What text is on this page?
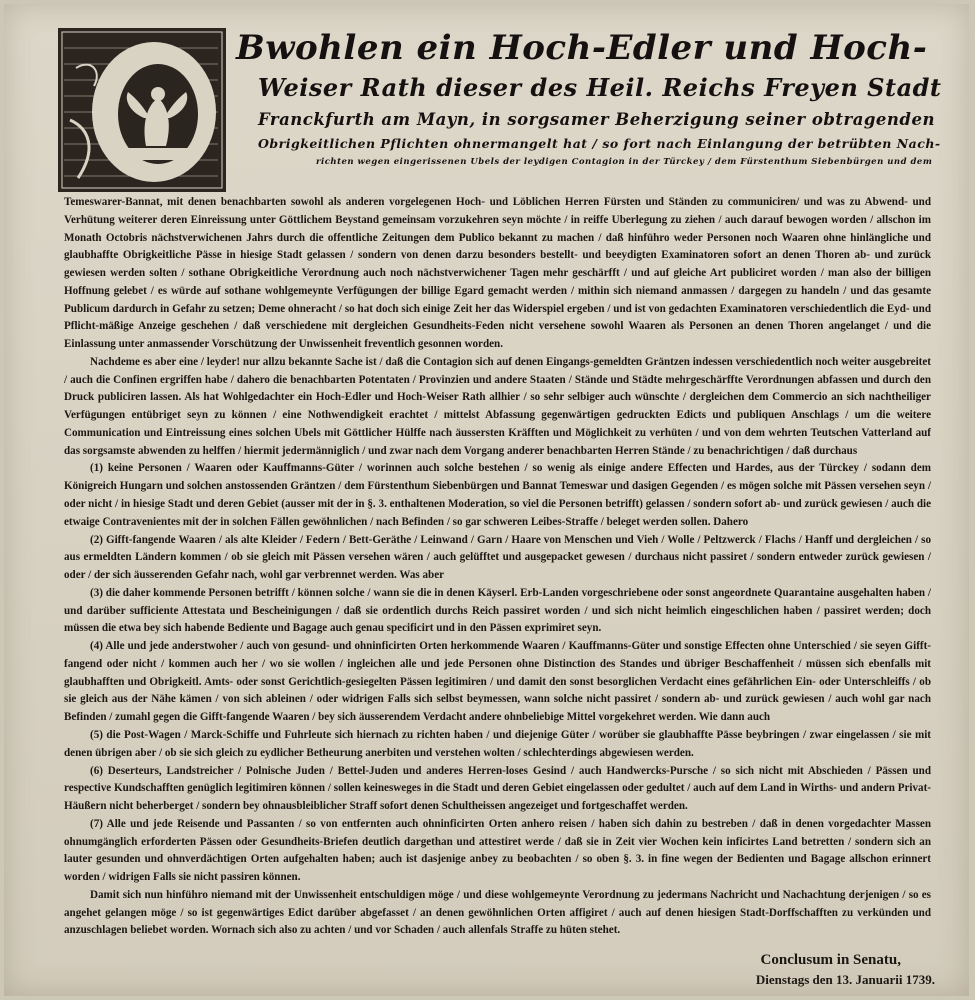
Bwohlen ein Hoch-Edler und Hoch-
Weiser Rath dieser des Heil. Reichs Freyen Stadt
Franckfurth am Mayn, in sorgsamer Beherzigung seiner obtragenden
Obrigkeitlichen Pflichten ohnermangelt hat / so fort nach Einlangung der betrübten Nach-
richten wegen eingerissenen Ubels der leydigen Contagion in der Türckey / dem Fürstenthum Siebenbürgen und dem

Temeswarer-Bannat, mit denen benachbarten sowohl als anderen vorgelegenen Hoch- und Löblichen Herren Fürsten und Ständen zu communiciren/ und was zu Abwend- und Verhütung weiterer deren Einreissung unter Göttlichem Beystand gemeinsam vorzukehren seyn möchte / in reiffe Uberlegung zu ziehen / auch darauf bewogen worden / allschon im Monath Octobris nächstverwichenen Jahrs durch die offentliche Zeitungen dem Publico bekannt zu machen / daß hinführo weder Personen noch Waaren ohne hinlängliche und glaubhaffte Obrigkeitliche Pässe in hiesige Stadt gelassen / sondern von denen darzu besonders bestellt- und beeydigten Examinatoren sofort an denen Thoren ab- und zurück gewiesen werden solten / sothane Obrigkeitliche Verordnung auch noch nächstverwichener Tagen mehr geschärfft / und auf gleiche Art publiciret worden / man also der billigen Hoffnung gelebet / es würde auf sothane wohlgemeynte Verfügungen der billige Egard gemacht werden / mithin sich niemand anmassen / dargegen zu handeln / und das gesamte Publicum dardurch in Gefahr zu setzen; Deme ohneracht / so hat doch sich einige Zeit her das Widerspiel ergeben / und ist von gedachten Examinatoren verschiedentlich die Eyd- und Pflicht-mäßige Anzeige geschehen / daß verschiedene mit dergleichen Gesundheits-Feden nicht versehene sowohl Waaren als Personen an denen Thoren angelanget / und die Einlassung unter anmassender Vorschützung der Unwissenheit freventlich gesonnen worden.

Nachdeme es aber eine / leyder! nur allzu bekannte Sache ist / daß die Contagion sich auf denen Eingangs-gemeldten Gräntzen indessen verschiedentlich noch weiter ausgebreitet / auch die Confinen ergriffen habe / dahero die benachbarten Potentaten / Provinzien und andere Staaten / Stände und Städte mehrgeschärffte Verordnungen abfassen und durch den Druck publiciren lassen. Als hat Wohlgedachter ein Hoch-Edler und Hoch-Weiser Rath allhier / so sehr selbiger auch wünschte / dergleichen dem Commercio an sich nachtheiliger Verfügungen entübriget seyn zu können / eine Nothwendigkeit erachtet / mittelst Abfassung gegenwärtigen gedruckten Edicts und publiquen Anschlags / um die weitere Communication und Eintreissung eines solchen Ubels mit Göttlicher Hülffe nach äussersten Kräfften und Möglichkeit zu verhüten / und von dem wehrten Teutschen Vatterland auf das sorgsamste abwenden zu helffen / hiermit jedermänniglich / und zwar nach dem Vorgang anderer benachbarten Herren Stände / zu benachrichtigen / daß durchaus

(1) keine Personen / Waaren oder Kauffmanns-Güter / worinnen auch solche bestehen / so wenig als einige andere Effecten und Hardes, aus der Türckey / sodann dem Königreich Hungarn und solchen anstossenden Gräntzen / dem Fürstenthum Siebenbürgen und Bannat Temeswar und dasigen Gegenden / es mögen solche mit Pässen versehen seyn / oder nicht / in hiesige Stadt und deren Gebiet (ausser mit der in §. 3. enthaltenen Moderation, so viel die Personen betrifft) gelassen / sondern sofort ab- und zurück gewiesen / auch die etwaige Contravenientes mit der in solchen Fällen gewöhnlichen / nach Befinden / so gar schweren Leibes-Straffe / beleget werden sollen. Dahero

(2) Gifft-fangende Waaren / als alte Kleider / Federn / Bett-Geräthe / Leinwand / Garn / Haare von Menschen und Vieh / Wolle / Peltzwerck / Flachs / Hanff und dergleichen / so aus ermeldten Ländern kommen / ob sie gleich mit Pässen versehen wären / auch gelüfftet und ausgepacket gewesen / durchaus nicht passiret / sondern entweder zurück gewiesen / oder / der sich äusserenden Gefahr nach, wohl gar verbrennet werden. Was aber

(3) die daher kommende Personen betrifft / können solche / wann sie die in denen Käyserl. Erb-Landen vorgeschriebene oder sonst angeordnete Quarantaine ausgehalten haben / und darüber sufficiente Attestata und Bescheinigungen / daß sie ordentlich durchs Reich passiret worden / und sich nicht heimlich eingeschlichen haben / passiret werden; doch müssen die etwa bey sich habende Bediente und Bagage auch genau specificirt und in den Pässen exprimiret seyn.

(4) Alle und jede anderstwoher / auch von gesund- und ohninficirten Orten herkommende Waaren / Kauffmanns-Güter und sonstige Effecten ohne Unterschied / sie seyen Gifft-fangend oder nicht / kommen auch her / wo sie wollen / ingleichen alle und jede Personen ohne Distinction des Standes und übriger Beschaffenheit / müssen sich ebenfalls mit glaubhafften und Obrigkeitl. Amts- oder sonst Gerichtlich-gesiegelten Pässen legitimiren / und damit den sonst besorglichen Verdacht eines gefährlichen Ein- oder Unterschleiffs / ob sie gleich aus der Nähe kämen / von sich ableinen / oder widrigen Falls sich selbst beymessen, wann solche nicht passiret / sondern ab- und zurück gewiesen / auch wohl gar nach Befinden / zumahl gegen die Gifft-fangende Waaren / bey sich äusserendem Verdacht andere ohnbeliebige Mittel vorgekehret werden. Wie dann auch

(5) die Post-Wagen / Marck-Schiffe und Fuhrleute sich hiernach zu richten haben / und diejenige Güter / worüber sie glaubhaffte Pässe beybringen / zwar eingelassen / sie mit denen übrigen aber / ob sie sich gleich zu eydlicher Betheurung anerbiten und verstehen wolten / schlechterdings abgewiesen werden.

(6) Deserteurs, Landstreicher / Polnische Juden / Bettel-Juden und anderes Herren-loses Gesind / auch Handwercks-Pursche / so sich nicht mit Abschieden / Pässen und respective Kundschafften genüglich legitimiren können / sollen keinesweges in die Stadt und deren Gebiet eingelassen oder gedultet / auch auf dem Land in Wirths- und andern Privat-Häußern nicht beherberget / sondern bey ohnausbleiblicher Straff sofort denen Schultheissen angezeiget und fortgeschaffet werden.

(7) Alle und jede Reisende und Passanten / so von entfernten auch ohninficirten Orten anhero reisen / haben sich dahin zu bestreben / daß in denen vorgedachter Massen ohnumgänglich erforderten Pässen oder Gesundheits-Briefen deutlich dargethan und attestiret werde / daß sie in Zeit vier Wochen kein inficirtes Land betretten / sondern sich an lauter gesunden und ohnverdächtigen Orten aufgehalten haben; auch ist dasjenige anbey zu beobachten / so oben §. 3. in fine wegen der Bedienten und Bagage allschon erinnert worden / widrigen Falls sie nicht passiren können.

Damit sich nun hinführo niemand mit der Unwissenheit entschuldigen möge / und diese wohlgemeynte Verordnung zu jedermans Nachricht und Nachachtung derjenigen / so es angehet gelangen möge / so ist gegenwärtiges Edict darüber abgefasset / an denen gewöhnlichen Orten affigiret / auch auf denen hiesigen Stadt-Dorffschafften zu verkünden und anzuschlagen beliebet worden. Wornach sich also zu achten / und vor Schaden / auch allenfals Straffe zu hüten stehet.

Conclusum in Senatu,
Dienstags den 13. Januarii 1739.
